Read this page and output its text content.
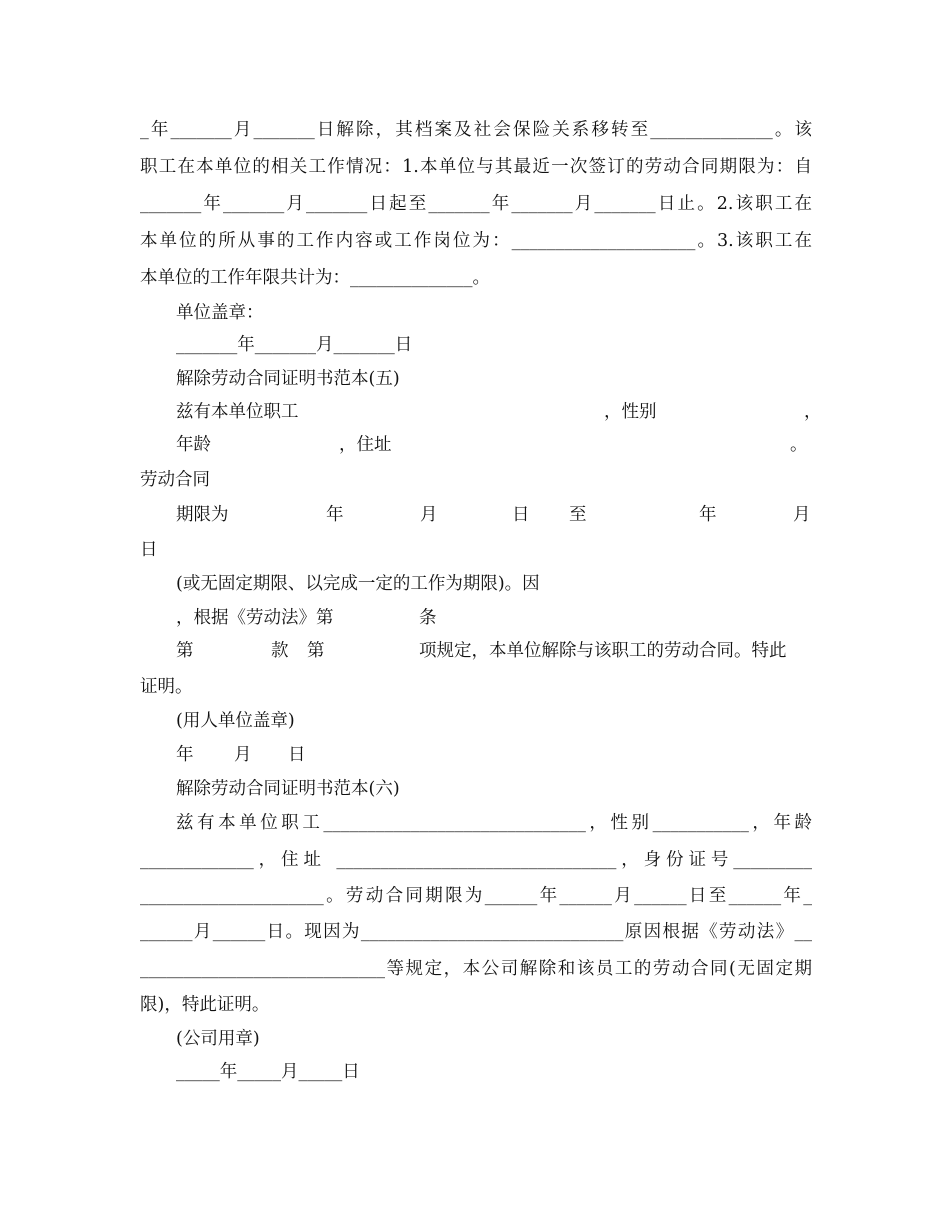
_年_______月_______日解除，其档案及社会保险关系移转至______________。该
职工在本单位的相关工作情况：1.本单位与其最近一次签订的劳动合同期限为：自
_______年_______月_______日起至_______年_______月_______日止。2.该职工在
本单位的所从事的工作内容或工作岗位为：_____________________。3.该职工在
本单位的工作年限共计为：______________。
单位盖章：
_______年_______月_______日
解除劳动合同证明书范本(五)
兹有本单位职工	，性别	，
年龄	，住址	。
劳动合同
期限为	年	月	日 至	年	月
日
(或无固定期限、以完成一定的工作为期限)。因
，根据《劳动法》第	条
第	款 第	项规定，本单位解除与该职工的劳动合同。特此
证明。
(用人单位盖章)
年 月 日
解除劳动合同证明书范本(六)
兹有本单位职工______________________________，性别___________，年龄
_____________，住址 ________________________________，身份证号_________
_____________________。劳动合同期限为______年______月______日至______年_
______月______日。现因为______________________________原因根据《劳动法》__
____________________________等规定，本公司解除和该员工的劳动合同(无固定期
限)，特此证明。
(公司用章)
_____年_____月_____日
